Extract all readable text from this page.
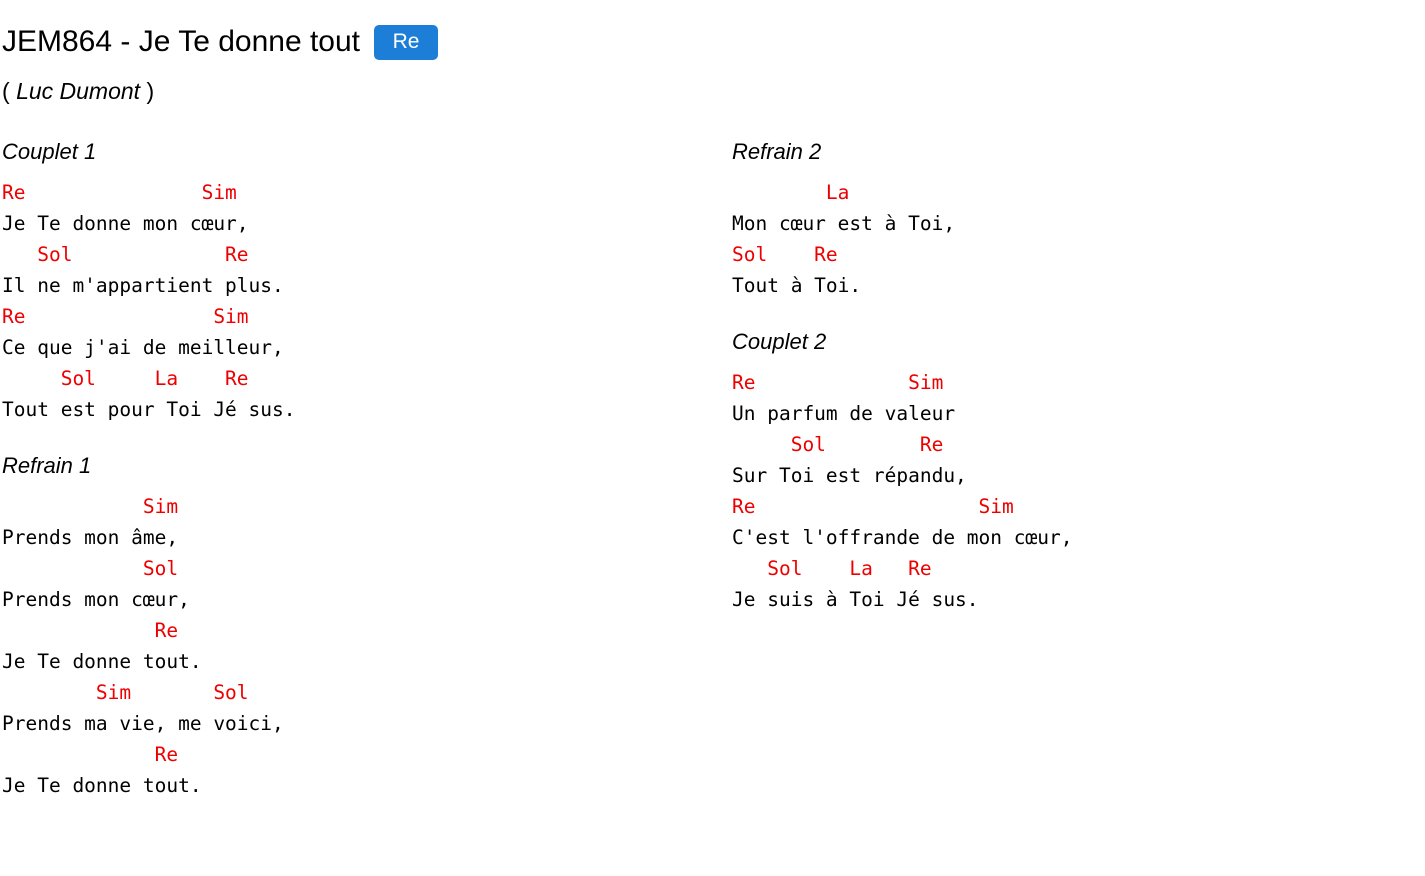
JEM864 - Je Te donne tout	Re
( Luc Dumont )
Couplet 1
Re               Sim
Je Te donne mon cœur,
Sol             Re
Il ne m'appartient plus.
Re                Sim
Ce que j'ai de meilleur,
Sol     La    Re
Tout est pour Toi Jé sus.
Refrain 1
Sim
Prends mon âme,
Sol
Prends mon cœur,
Re
Je Te donne tout.
Sim       Sol
Prends ma vie, me voici,
Re
Je Te donne tout.
Refrain 2
La
Mon cœur est à Toi,
Sol    Re
Tout à Toi.
Couplet 2
Re             Sim
Un parfum de valeur
Sol        Re
Sur Toi est répandu,
Re                   Sim
C'est l'offrande de mon cœur,
Sol    La   Re
Je suis à Toi Jé sus.
